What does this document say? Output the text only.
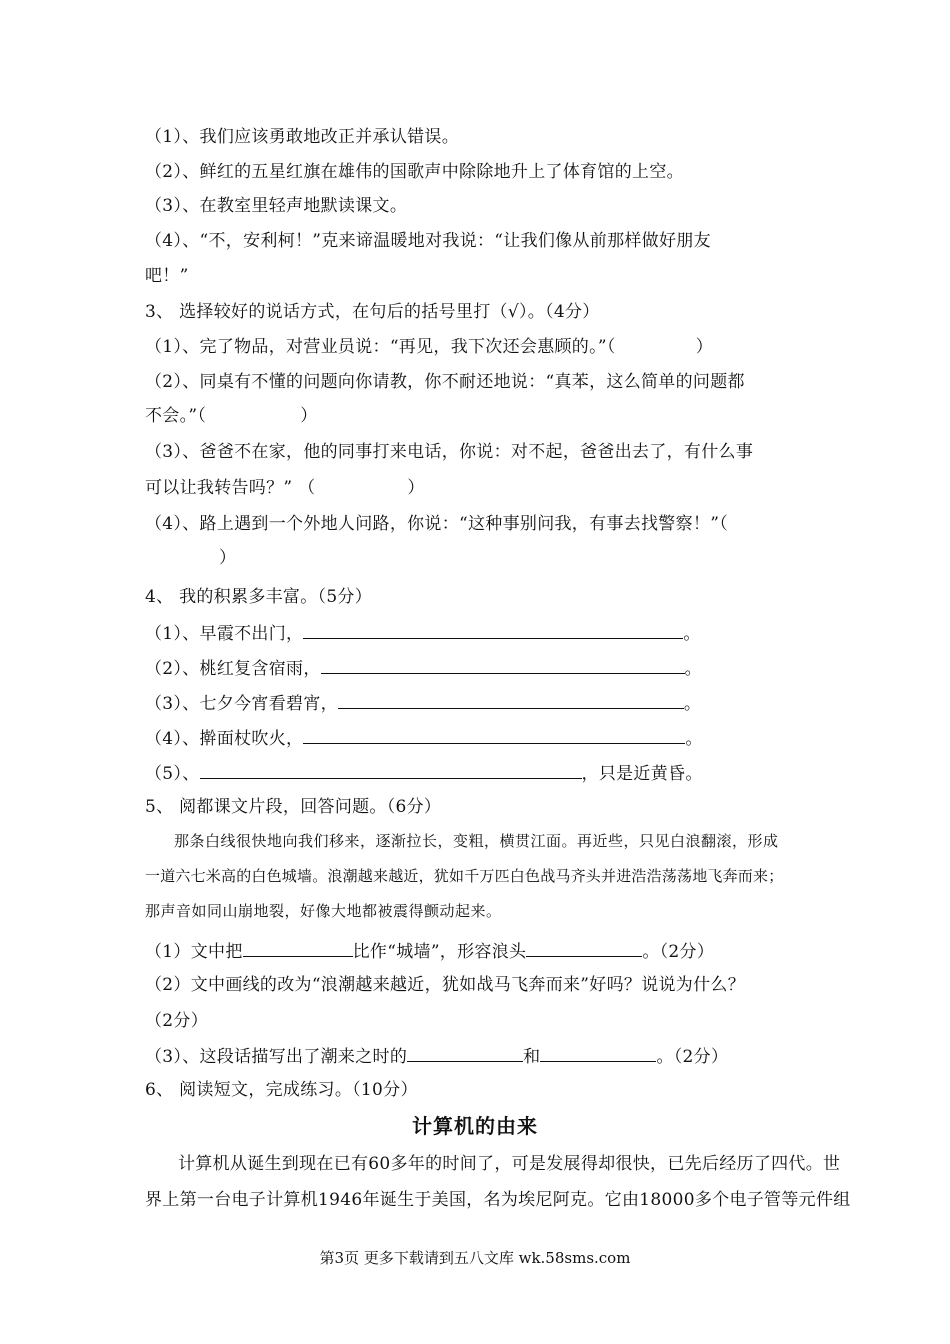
（1）、我们应该勇敢地改正并承认错误。
（2）、鲜红的五星红旗在雄伟的国歌声中除除地升上了体育馆的上空。
（3）、在教室里轻声地默读课文。
（4）、“不，安利柯！”克来谛温暖地对我说：“让我们像从前那样做好朋友
吧！”
3、 选择较好的说话方式，在句后的括号里打（√）。（4分）
（1）、完了物品，对营业员说：“再见，我下次还会惠顾的。”（	）
（2）、同桌有不懂的问题向你请教，你不耐还地说：“真苯，这么简单的问题都
不会。”（	）
（3）、爸爸不在家，他的同事打来电话，你说：对不起，爸爸出去了，有什么事
可以让我转告吗？” （	）
（4）、路上遇到一个外地人问路，你说：“这种事别问我，有事去找警察！”（
）
4、 我的积累多丰富。（5分）
（1）、早霞不出门，	。
（2）、桃红复含宿雨，	。
（3）、七夕今宵看碧宵，	。
（4）、擀面杖吹火，	。
（5）、	，只是近黄昏。
5、 阅都课文片段，回答问题。（6分）
那条白线很快地向我们移来，逐渐拉长，变粗，横贯江面。再近些，只见白浪翻滚，形成
一道六七米高的白色城墙。浪潮越来越近，犹如千万匹白色战马齐头并进浩浩荡荡地飞奔而来；
那声音如同山崩地裂，好像大地都被震得颤动起来。
（1）文中把	比作“城墙”，形容浪头	。（2分）
（2）文中画线的改为“浪潮越来越近，犹如战马飞奔而来”好吗？说说为什么？
（2分）
（3）、这段话描写出了潮来之时的	和	。（2分）
6、 阅读短文，完成练习。（10分）
计算机的由来
计算机从诞生到现在已有60多年的时间了，可是发展得却很快，已先后经历了四代。世
界上第一台电子计算机1946年诞生于美国，名为埃尼阿克。它由18000多个电子管等元件组
第3页 更多下载请到五八文库 wk.58sms.com
